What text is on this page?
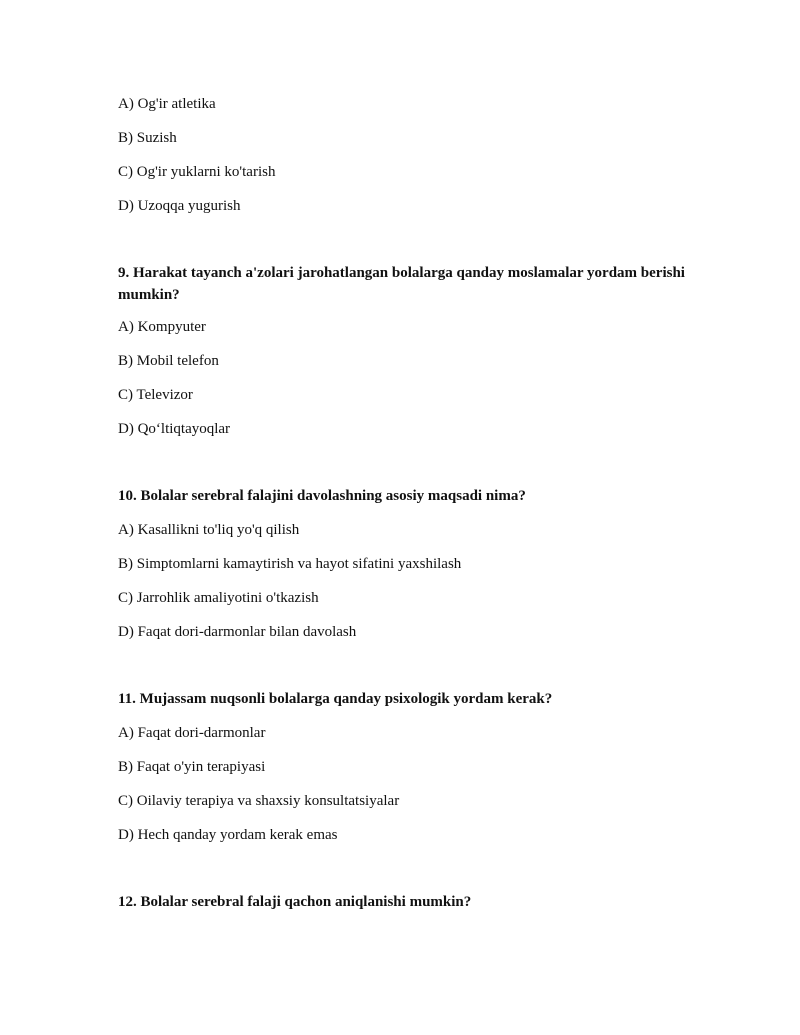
A) Og'ir atletika
B) Suzish
C) Og'ir yuklarni ko'tarish
D) Uzoqqa yugurish
9. Harakat tayanch a'zolari jarohatlangan bolalarga qanday moslamalar yordam berishi mumkin?
A) Kompyuter
B) Mobil telefon
C) Televizor
D) Qoʻltiqtayoqlar
10. Bolalar serebral falajini davolashning asosiy maqsadi nima?
A) Kasallikni to'liq yo'q qilish
B) Simptomlarni kamaytirish va hayot sifatini yaxshilash
C) Jarrohlik amaliyotini o'tkazish
D) Faqat dori-darmonlar bilan davolash
11. Mujassam nuqsonli bolalarga qanday psixologik yordam kerak?
A) Faqat dori-darmonlar
B) Faqat o'yin terapiyasi
C) Oilaviy terapiya va shaxsiy konsultatsiyalar
D) Hech qanday yordam kerak emas
12. Bolalar serebral falaji qachon aniqlanishi mumkin?
